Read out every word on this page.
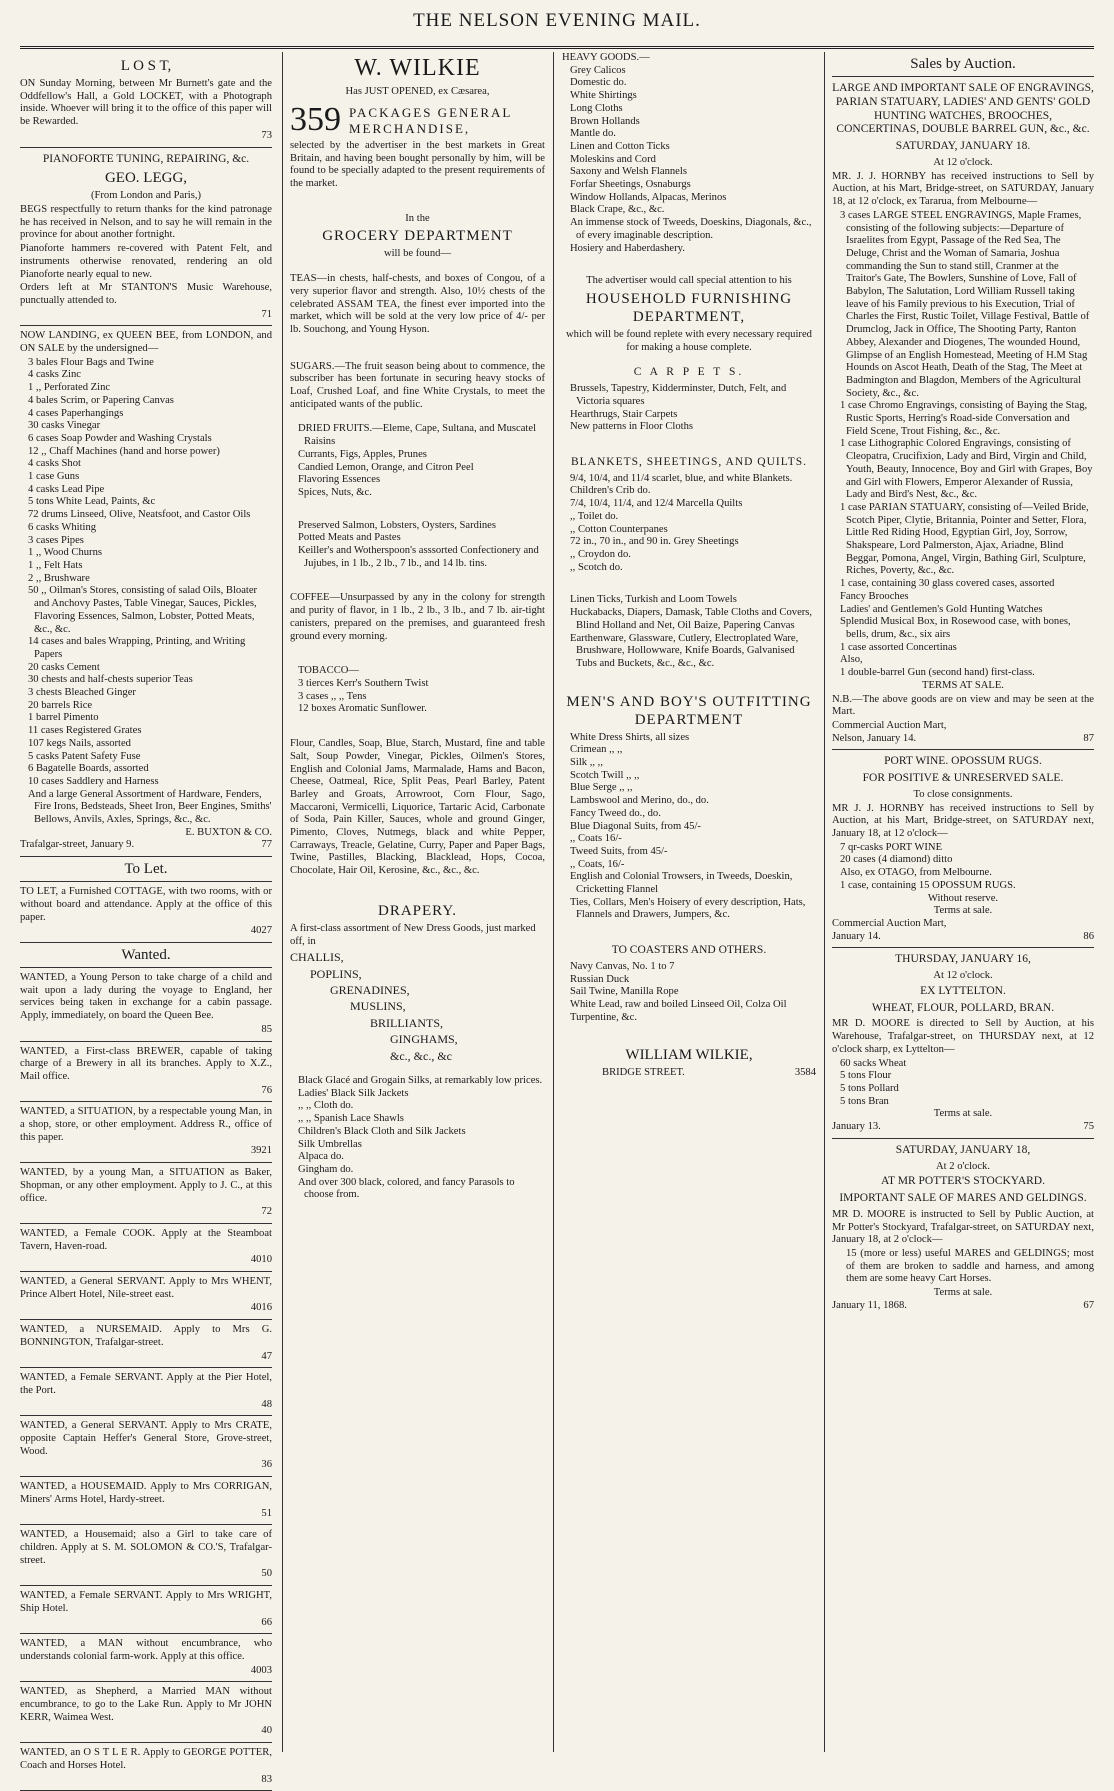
THE NELSON EVENING MAIL.
L O S T,

ON Sunday Morning, between Mr Burnett's gate and the Oddfellow's Hall, a Gold LOCKET, with a Photograph inside. Whoever will bring it to the office of this paper will be Rewarded.

73
PIANOFORTE TUNING, REPAIRING, &c.
GEO. LEGG,
(From London and Paris,)

BEGS respectfully to return thanks for the kind patronage he has received in Nelson, and to say he will remain in the province for about another fortnight.

Pianoforte hammers re-covered with Patent Felt, and instruments otherwise renovated, rendering an old Pianoforte nearly equal to new.

Orders left at Mr STANTON'S Music Warehouse, punctually attended to.

71

NOW LANDING, ex QUEEN BEE, from LONDON, and ON SALE by the undersigned—

3 bales Flour Bags and Twine
4 casks Zinc
1 ,, Perforated Zinc
4 bales Scrim, or Papering Canvas
4 cases Paperhangings
30 casks Vinegar
6 cases Soap Powder and Washing Crystals
12 ,, Chaff Machines (hand and horse power)
4 casks Shot
1 case Guns
4 casks Lead Pipe
5 tons White Lead, Paints, &c
72 drums Linseed, Olive, Neatsfoot, and Castor Oils
6 casks Whiting
3 cases Pipes
1 ,, Wood Churns
1 ,, Felt Hats
2 ,, Brushware
50 ,, Oilman's Stores, consisting of salad Oils, Bloater and Anchovy Pastes, Table Vinegar, Sauces, Pickles, Flavoring Essences, Salmon, Lobster, Potted Meats, &c., &c.
14 cases and bales Wrapping, Printing, and Writing Papers
20 casks Cement
30 chests and half-chests superior Teas
3 chests Bleached Ginger
20 barrels Rice
1 barrel Pimento
11 cases Registered Grates
107 kegs Nails, assorted
5 casks Patent Safety Fuse
6 Bagatelle Boards, assorted
10 cases Saddlery and Harness
And a large General Assortment of Hardware, Fenders, Fire Irons, Bedsteads, Sheet Iron, Beer Engines, Smiths' Bellows, Anvils, Axles, Springs, &c., &c.
E. BUXTON & CO.
Trafalgar-street, January 9.	77
To Let.

TO LET, a Furnished COTTAGE, with two rooms, with or without board and attendance. Apply at the office of this paper.

4027
Wanted.

WANTED, a Young Person to take charge of a child and wait upon a lady during the voyage to England, her services being taken in exchange for a cabin passage. Apply, immediately, on board the Queen Bee.

85

WANTED, a First-class BREWER, capable of taking charge of a Brewery in all its branches. Apply to X.Z., Mail office.

76

WANTED, a SITUATION, by a respectable young Man, in a shop, store, or other employment. Address R., office of this paper.

3921

WANTED, by a young Man, a SITUATION as Baker, Shopman, or any other employment. Apply to J. C., at this office.

72

WANTED, a Female COOK. Apply at the Steamboat Tavern, Haven-road.

4010

WANTED, a General SERVANT. Apply to Mrs WHENT, Prince Albert Hotel, Nile-street east.

4016

WANTED, a NURSEMAID. Apply to Mrs G. BONNINGTON, Trafalgar-street.

47

WANTED, a Female SERVANT. Apply at the Pier Hotel, the Port.

48

WANTED, a General SERVANT. Apply to Mrs CRATE, opposite Captain Heffer's General Store, Grove-street, Wood.

36

WANTED, a HOUSEMAID. Apply to Mrs CORRIGAN, Miners' Arms Hotel, Hardy-street.

51

WANTED, a Housemaid; also a Girl to take care of children. Apply at S. M. SOLOMON & CO.'S, Trafalgar-street.

50

WANTED, a Female SERVANT. Apply to Mrs WRIGHT, Ship Hotel.

66

WANTED, a MAN without encumbrance, who understands colonial farm-work. Apply at this office.

4003

WANTED, as Shepherd, a Married MAN without encumbrance, to go to the Lake Run. Apply to Mr JOHN KERR, Waimea West.

40

WANTED, an O S T L E R. Apply to GEORGE POTTER, Coach and Horses Hotel.

83
W. WILKIE
Has JUST OPENED, ex Cæsarea,
359 PACKAGES GENERAL MERCHANDISE,

selected by the advertiser in the best markets in Great Britain, and having been bought personally by him, will be found to be specially adapted to the present requirements of the market.

In the
GROCERY DEPARTMENT
will be found—

TEAS—in chests, half-chests, and boxes of Congou, of a very superior flavor and strength. Also, 10½ chests of the celebrated ASSAM TEA, the finest ever imported into the market, which will be sold at the very low price of 4/- per lb. Souchong, and Young Hyson.

SUGARS.—The fruit season being about to commence, the subscriber has been fortunate in securing heavy stocks of Loaf, Crushed Loaf, and fine White Crystals, to meet the anticipated wants of the public.

DRIED FRUITS.—Eleme, Cape, Sultana, and Muscatel Raisins
Currants, Figs, Apples, Prunes
Candied Lemon, Orange, and Citron Peel
Flavoring Essences
Spices, Nuts, &c.
Preserved Salmon, Lobsters, Oysters, Sardines
Potted Meats and Pastes
Keiller's and Wotherspoon's asssorted Confectionery and Jujubes, in 1 lb., 2 lb., 7 lb., and 14 lb. tins.

COFFEE—Unsurpassed by any in the colony for strength and purity of flavor, in 1 lb., 2 lb., 3 lb., and 7 lb. air-tight canisters, prepared on the premises, and guaranteed fresh ground every morning.

TOBACCO—
3 tierces Kerr's Southern Twist
3 cases ,, ,, Tens
12 boxes Aromatic Sunflower.

Flour, Candles, Soap, Blue, Starch, Mustard, fine and table Salt, Soup Powder, Vinegar, Pickles, Oilmen's Stores, English and Colonial Jams, Marmalade, Hams and Bacon, Cheese, Oatmeal, Rice, Split Peas, Pearl Barley, Patent Barley and Groats, Arrowroot, Corn Flour, Sago, Maccaroni, Vermicelli, Liquorice, Tartaric Acid, Carbonate of Soda, Pain Killer, Sauces, whole and ground Ginger, Pimento, Cloves, Nutmegs, black and white Pepper, Carraways, Treacle, Gelatine, Curry, Paper and Paper Bags, Twine, Pastilles, Blacking, Blacklead, Hops, Cocoa, Chocolate, Hair Oil, Kerosine, &c., &c., &c.

DRAPERY.

A first-class assortment of New Dress Goods, just marked off, in

CHALLIS,
POPLINS,
GRENADINES,
MUSLINS,
BRILLIANTS,
GINGHAMS,
&c., &c., &c
Black Glacé and Grogain Silks, at remarkably low prices.
Ladies' Black Silk Jackets
,, ,, Cloth do.
,, ,, Spanish Lace Shawls
Children's Black Cloth and Silk Jackets
Silk Umbrellas
Alpaca do.
Gingham do.
And over 300 black, colored, and fancy Parasols to choose from.
HEAVY GOODS.—
Grey Calicos
Domestic do.
White Shirtings
Long Cloths
Brown Hollands
Mantle do.
Linen and Cotton Ticks
Moleskins and Cord
Saxony and Welsh Flannels
Forfar Sheetings, Osnaburgs
Window Hollands, Alpacas, Merinos
Black Crape, &c., &c.
An immense stock of Tweeds, Doeskins, Diagonals, &c., of every imaginable description.
Hosiery and Haberdashery.
The advertiser would call special attention to his
HOUSEHOLD FURNISHING DEPARTMENT,
which will be found replete with every necessary required for making a house complete.
C A R P E T S.
Brussels, Tapestry, Kidderminster, Dutch, Felt, and Victoria squares
Hearthrugs, Stair Carpets
New patterns in Floor Cloths
BLANKETS, SHEETINGS, AND QUILTS.
9/4, 10/4, and 11/4 scarlet, blue, and white Blankets.
Children's Crib do.
7/4, 10/4, 11/4, and 12/4 Marcella Quilts
,, Toilet do.
,, Cotton Counterpanes
72 in., 70 in., and 90 in. Grey Sheetings
,, Croydon do.
,, Scotch do.
Linen Ticks, Turkish and Loom Towels
Huckabacks, Diapers, Damask, Table Cloths and Covers, Blind Holland and Net, Oil Baize, Papering Canvas
Earthenware, Glassware, Cutlery, Electroplated Ware, Brushware, Hollowware, Knife Boards, Galvanised Tubs and Buckets, &c., &c., &c.
MEN'S AND BOY'S OUTFITTING DEPARTMENT
White Dress Shirts, all sizes
Crimean ,, ,,
Silk ,, ,,
Scotch Twill ,, ,,
Blue Serge ,, ,,
Lambswool and Merino, do., do.
Fancy Tweed do., do.
Blue Diagonal Suits, from 45/-
,, Coats 16/-
Tweed Suits, from 45/-
,, Coats, 16/-
English and Colonial Trowsers, in Tweeds, Doeskin, Cricketting Flannel
Ties, Collars, Men's Hoisery of every description, Hats, Flannels and Drawers, Jumpers, &c.
TO COASTERS AND OTHERS.
Navy Canvas, No. 1 to 7
Russian Duck
Sail Twine, Manilla Rope
White Lead, raw and boiled Linseed Oil, Colza Oil
Turpentine, &c.
WILLIAM WILKIE,
BRIDGE STREET.	3584
Sales by Auction.
LARGE AND IMPORTANT SALE OF ENGRAVINGS, PARIAN STATUARY, LADIES' AND GENTS' GOLD HUNTING WATCHES, BROOCHES, CONCERTINAS, DOUBLE BARREL GUN, &c., &c.
SATURDAY, JANUARY 18.
At 12 o'clock.

MR. J. J. HORNBY has received instructions to Sell by Auction, at his Mart, Bridge-street, on SATURDAY, January 18, at 12 o'clock, ex Tararua, from Melbourne—

3 cases LARGE STEEL ENGRAVINGS, Maple Frames, consisting of the following subjects:—Departure of Israelites from Egypt, Passage of the Red Sea, The Deluge, Christ and the Woman of Samaria, Joshua commanding the Sun to stand still, Cranmer at the Traitor's Gate, The Bowlers, Sunshine of Love, Fall of Babylon, The Salutation, Lord William Russell taking leave of his Family previous to his Execution, Trial of Charles the First, Rustic Toilet, Village Festival, Battle of Drumclog, Jack in Office, The Shooting Party, Ranton Abbey, Alexander and Diogenes, The wounded Hound, Glimpse of an English Homestead, Meeting of H.M Stag Hounds on Ascot Heath, Death of the Stag, The Meet at Badmington and Blagdon, Members of the Agricultural Society, &c., &c.
1 case Chromo Engravings, consisting of Baying the Stag, Rustic Sports, Herring's Road-side Conversation and Field Scene, Trout Fishing, &c., &c.
1 case Lithographic Colored Engravings, consisting of Cleopatra, Crucifixion, Lady and Bird, Virgin and Child, Youth, Beauty, Innocence, Boy and Girl with Grapes, Boy and Girl with Flowers, Emperor Alexander of Russia, Lady and Bird's Nest, &c., &c.
1 case PARIAN STATUARY, consisting of—Veiled Bride, Scotch Piper, Clytie, Britannia, Pointer and Setter, Flora, Little Red Riding Hood, Egyptian Girl, Joy, Sorrow, Shakspeare, Lord Palmerston, Ajax, Ariadne, Blind Beggar, Pomona, Angel, Virgin, Bathing Girl, Sculpture, Riches, Poverty, &c., &c.
1 case, containing 30 glass covered cases, assorted
Fancy Brooches
Ladies' and Gentlemen's Gold Hunting Watches
Splendid Musical Box, in Rosewood case, with bones, bells, drum, &c., six airs
1 case assorted Concertinas
Also,
1 double-barrel Gun (second hand) first-class.
TERMS AT SALE.

N.B.—The above goods are on view and may be seen at the Mart.

Commercial Auction Mart,
Nelson, January 14.	87
PORT WINE. OPOSSUM RUGS.
FOR POSITIVE & UNRESERVED SALE.
To close consignments.

MR J. J. HORNBY has received instructions to Sell by Auction, at his Mart, Bridge-street, on SATURDAY next, January 18, at 12 o'clock—

7 qr-casks PORT WINE
20 cases (4 diamond) ditto
Also, ex OTAGO, from Melbourne.
1 case, containing 15 OPOSSUM RUGS.
Without reserve.
Terms at sale.
Commercial Auction Mart,
January 14.	86
THURSDAY, JANUARY 16,
At 12 o'clock.
EX LYTTELTON.
WHEAT, FLOUR, POLLARD, BRAN.

MR D. MOORE is directed to Sell by Auction, at his Warehouse, Trafalgar-street, on THURSDAY next, at 12 o'clock sharp, ex Lyttelton—

60 sacks Wheat
5 tons Flour
5 tons Pollard
5 tons Bran
Terms at sale.
January 13.	75
SATURDAY, JANUARY 18,
At 2 o'clock.
AT MR POTTER'S STOCKYARD.
IMPORTANT SALE OF MARES AND GELDINGS.

MR D. MOORE is instructed to Sell by Public Auction, at Mr Potter's Stockyard, Trafalgar-street, on SATURDAY next, January 18, at 2 o'clock—

15 (more or less) useful MARES and GELDINGS; most of them are broken to saddle and harness, and among them are some heavy Cart Horses.

Terms at sale.
January 11, 1868.	67
